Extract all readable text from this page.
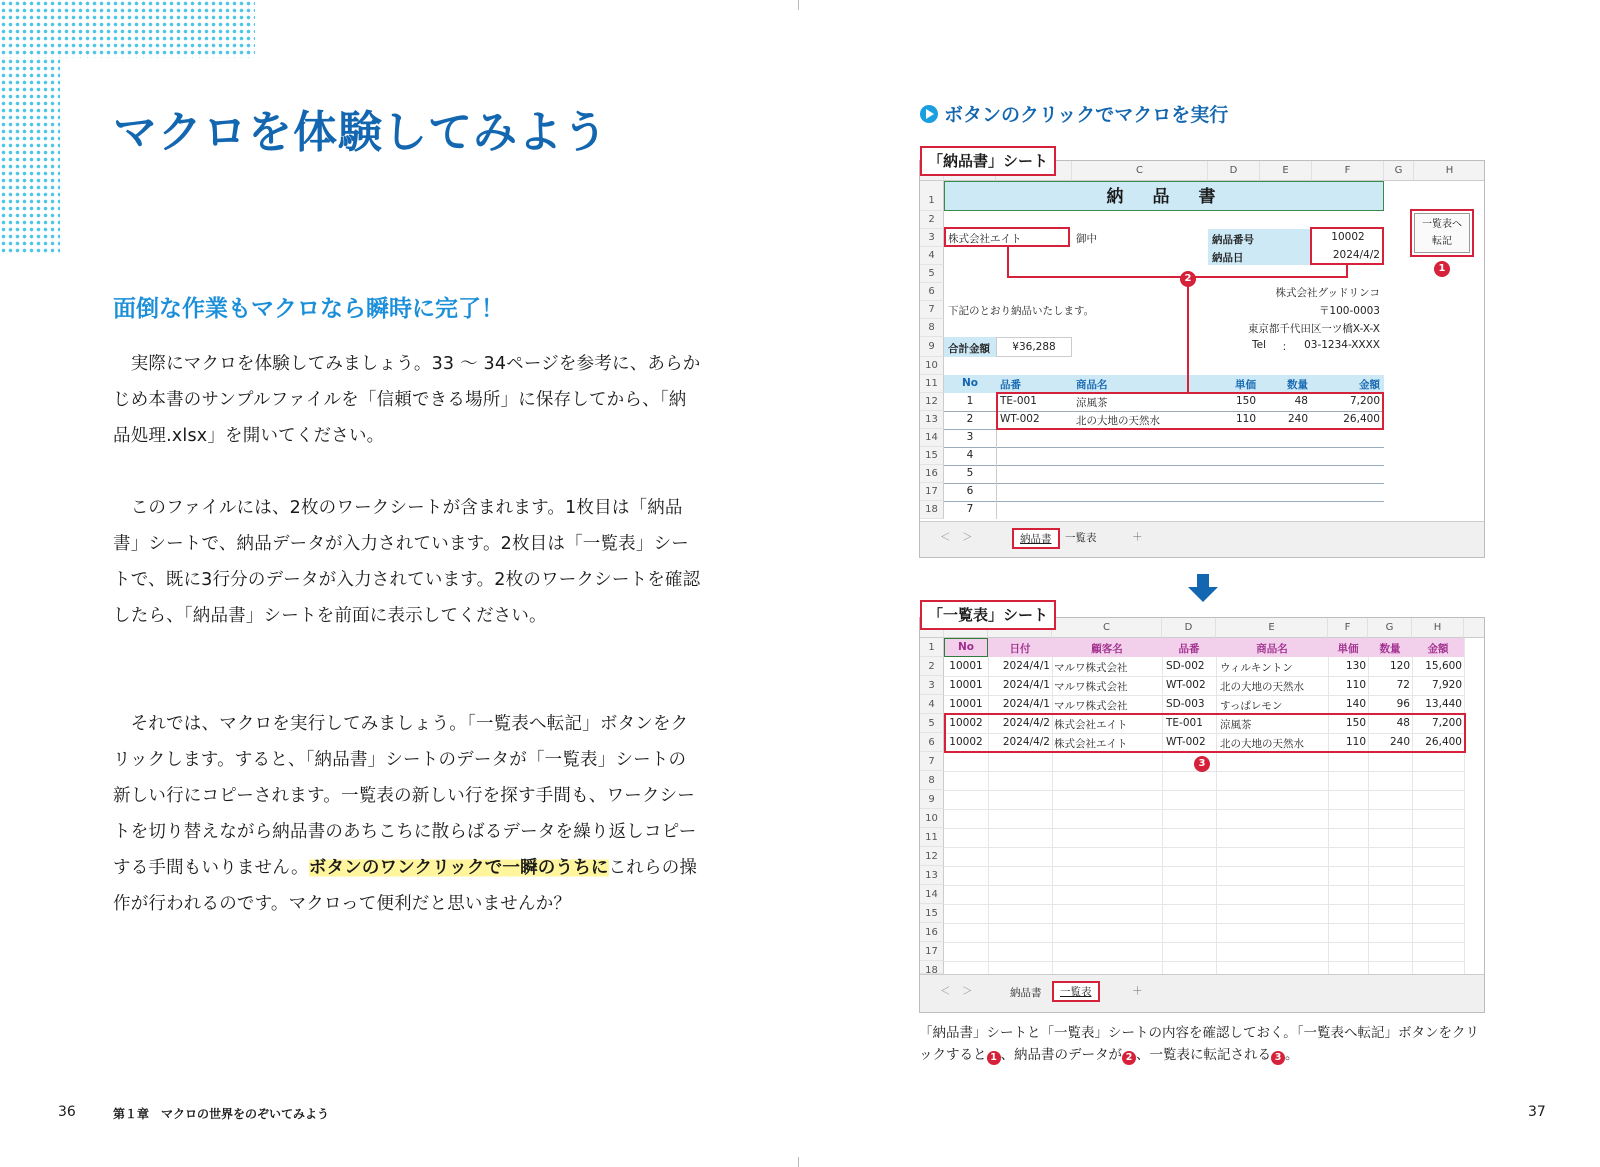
マクロを体験してみよう
面倒な作業もマクロなら瞬時に完了！

　実際にマクロを体験してみましょう。33 〜 34ページを参考に、あらかじめ本書のサンプルファイルを「信頼できる場所」に保存してから、「納品処理.xlsx」を開いてください。

　このファイルには、2枚のワークシートが含まれます。1枚目は「納品書」シートで、納品データが入力されています。2枚目は「一覧表」シートで、既に3行分のデータが入力されています。2枚のワークシートを確認したら、「納品書」シートを前面に表示してください。

　それでは、マクロを実行してみましょう。「一覧表へ転記」ボタンをクリックします。すると、「納品書」シートのデータが「一覧表」シートの新しい行にコピーされます。一覧表の新しい行を探す手間も、ワークシートを切り替えながら納品書のあちこちに散らばるデータを繰り返しコピーする手間もいりません。ボタンのワンクリックで一瞬のうちにこれらの操作が行われるのです。マクロって便利だと思いませんか？

36	第１章　マクロの世界をのぞいてみよう
ボタンのクリックでマクロを実行
C	D	E	F	G	H
1
2
3
4
5
6
7
8
9
10
11
12
13
14
15
16
17
18
納　品　書
株式会社エイト	御中	納品番号	10002
納品日	2024/4/2
株式会社グッドリンコ
下記のとおり納品いたします。	〒100-0003
東京都千代田区一ツ橋X-X-X
Tel ：	03-1234-XXXX
合計金額	¥36,288
No	品番	商品名	単価	数量	金額
1	TE-001	涼風茶	150	48	7,200
2	WT-002	北の大地の天然水	110	240	26,400
3
4
5
6
7
一覧表へ
転記
2
1
＜ ＞	納品書	一覧表	＋
「納品書」シート
C	D	E	F	G	H
1
2
3
4
5
6
7
8
9
10
11
12
13
14
15
16
17
18
No	日付	顧客名	品番	商品名	単価	数量	金額
10001	2024/4/1 マルワ株式会社	SD-002 ウィルキントン	130	120	15,600
10001	2024/4/1 マルワ株式会社	WT-002 北の大地の天然水	110	72	7,920
10001	2024/4/1 マルワ株式会社	SD-003 すっぱレモン	140	96	13,440
10002	2024/4/2 株式会社エイト	TE-001 涼風茶	150	48	7,200
10002	2024/4/2 株式会社エイト	WT-002 北の大地の天然水	110	240	26,400
3
＜ ＞	納品書	一覧表	＋
「一覧表」シート

「納品書」シートと「一覧表」シートの内容を確認しておく。「一覧表へ転記」ボタンをクリックすると 1 、納品書のデータが 2 、一覧表に転記される 3 。

37
